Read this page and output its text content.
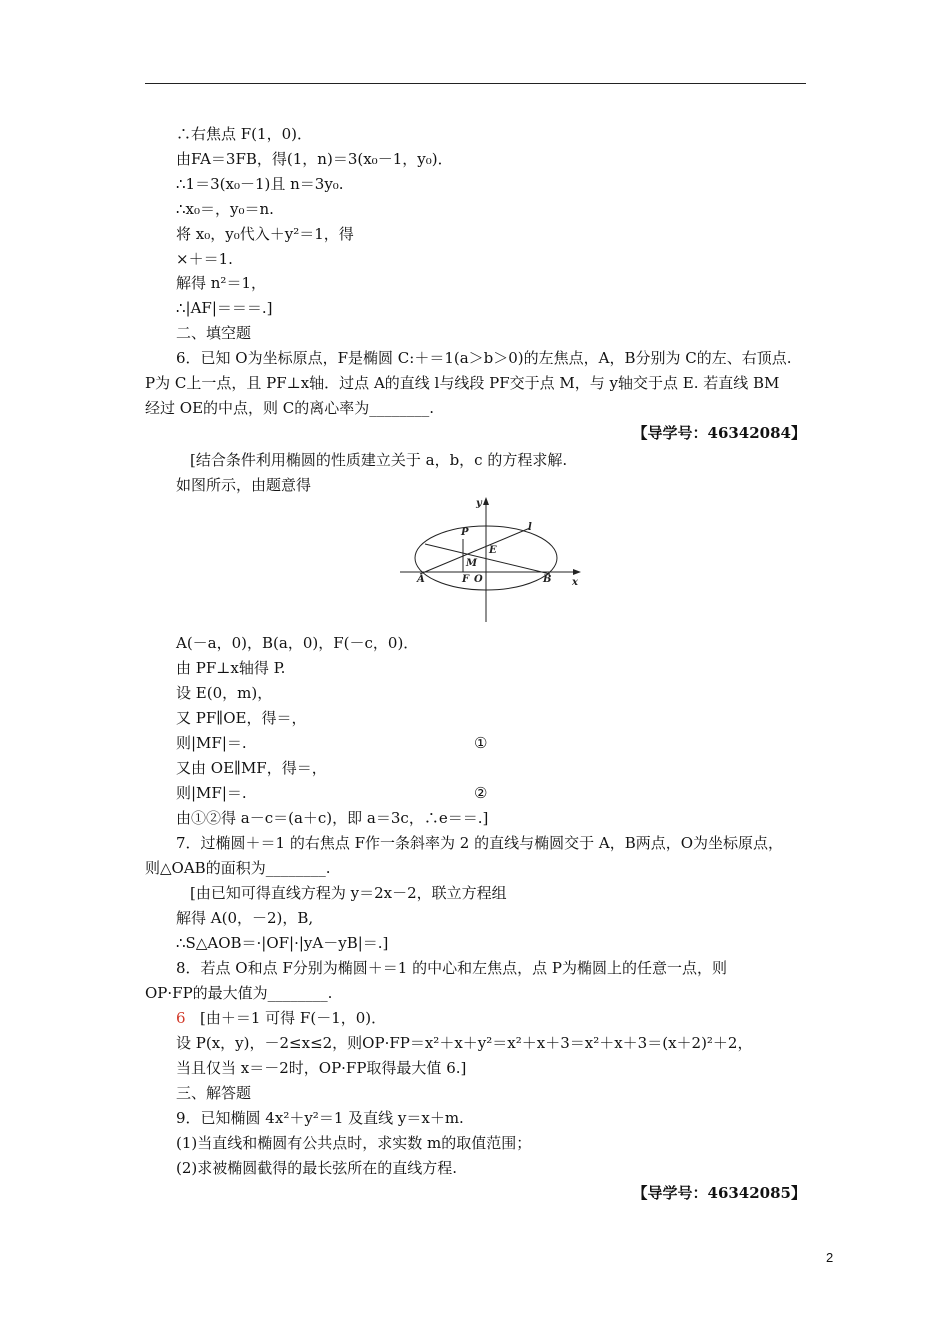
∴右焦点 F(1，0)．
由FA＝3FB，得(1，n)＝3(x₀－1，y₀)．
∴1＝3(x₀－1)且 n＝3y₀.
∴x₀＝，y₀＝n.
将 x₀，y₀代入＋y²＝1，得
×＋＝1.
解得 n²＝1，
∴|AF|＝＝＝.]
二、填空题
6．已知 O为坐标原点，F是椭圆 C:＋＝1(a＞b＞0)的左焦点，A，B分别为 C的左、右顶点.
P为 C上一点，且 PF⊥x轴．过点 A的直线 l与线段 PF交于点 M，与 y轴交于点 E. 若直线 BM
经过 OE的中点，则 C的离心率为________.
【导学号：46342084】
[结合条件利用椭圆的性质建立关于 a，b，c 的方程求解.
如图所示，由题意得
y
x
l
P
E
M
A	F O	B
A(－a，0)，B(a，0)，F(－c，0)．
由 PF⊥x轴得 P.
设 E(0，m)，
又 PF∥OE，得＝，
则|MF|＝.	①
又由 OE∥MF，得＝，
则|MF|＝.	②
由①②得 a－c＝(a＋c)，即 a＝3c，∴e＝＝.]
7．过椭圆＋＝1 的右焦点 F作一条斜率为 2 的直线与椭圆交于 A，B两点，O为坐标原点，
则△OAB的面积为________.
[由已知可得直线方程为 y＝2x－2，联立方程组
解得 A(0，－2)，B,
∴S△AOB＝·|OF|·|yA－yB|＝.]
8．若点 O和点 F分别为椭圆＋＝1 的中心和左焦点，点 P为椭圆上的任意一点，则
OP·FP的最大值为________.
6 [由＋＝1 可得 F(－1，0)．
设 P(x，y)，－2≤x≤2，则OP·FP＝x²＋x＋y²＝x²＋x＋3＝x²＋x＋3＝(x＋2)²＋2，
当且仅当 x＝－2时，OP·FP取得最大值 6.]
三、解答题
9．已知椭圆 4x²＋y²＝1 及直线 y＝x＋m.
(1)当直线和椭圆有公共点时，求实数 m的取值范围；
(2)求被椭圆截得的最长弦所在的直线方程.
【导学号：46342085】
2
